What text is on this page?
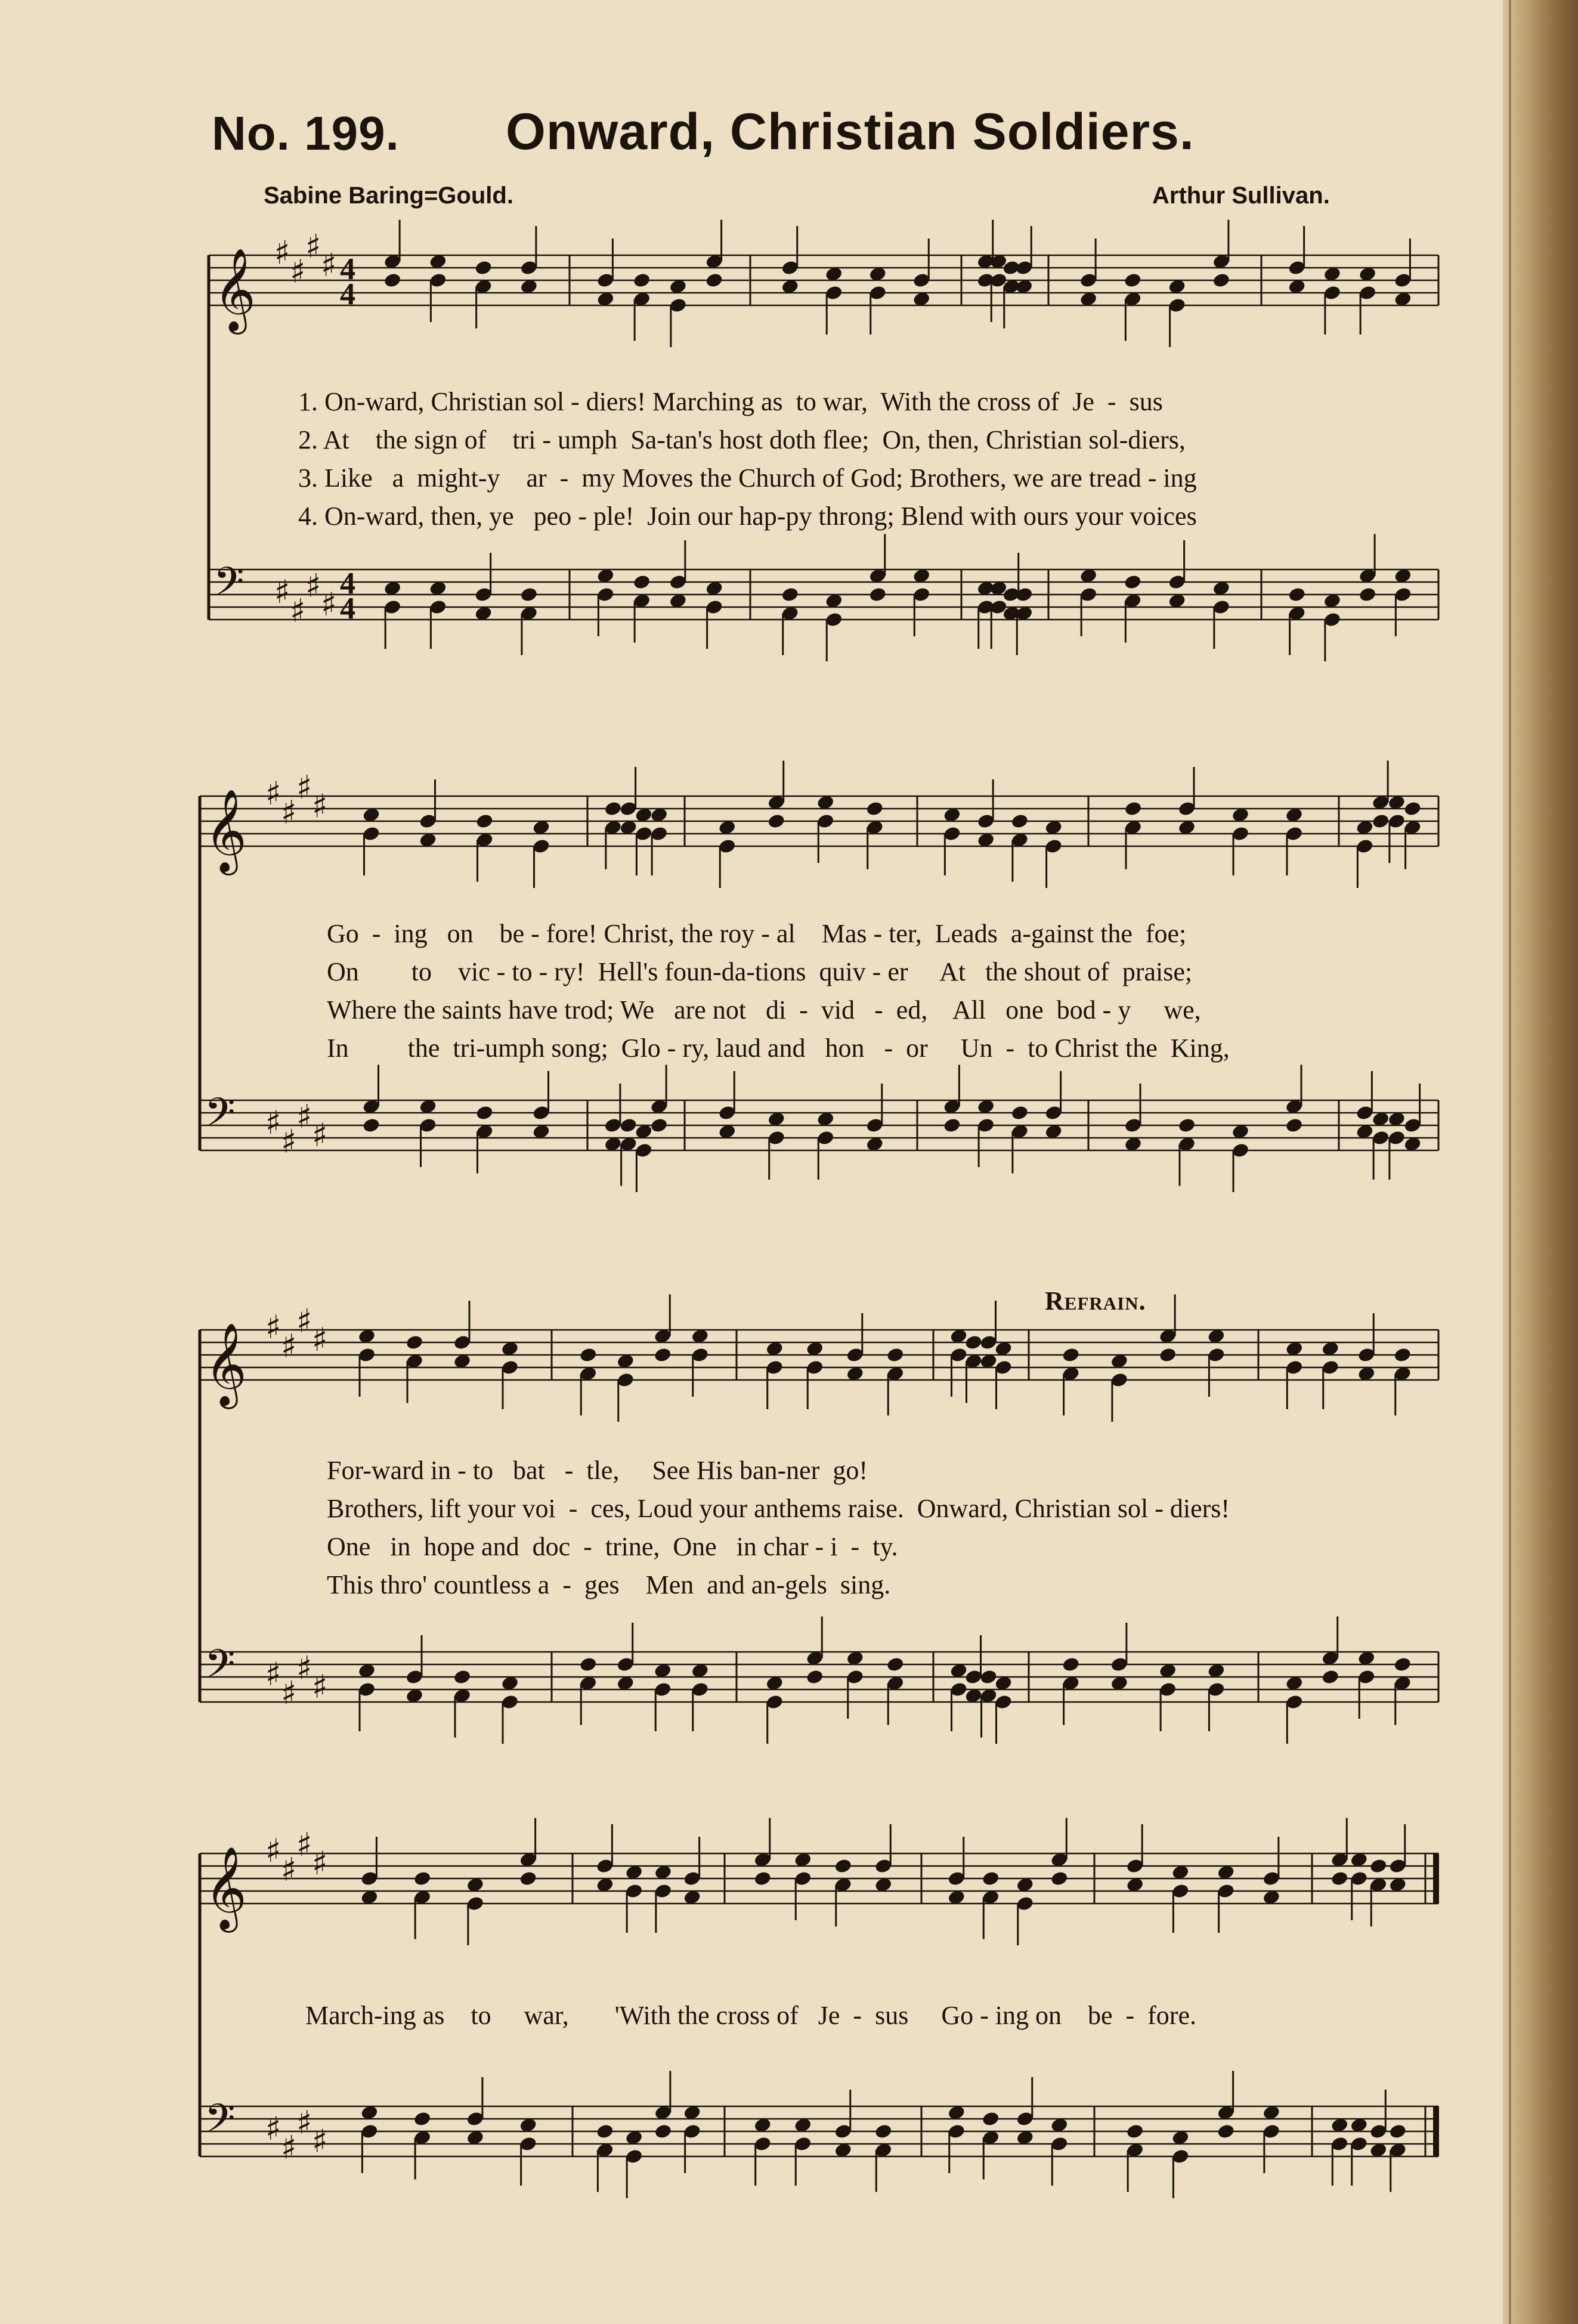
No. 199. Onward, Christian Soldiers.
Sabine Baring=Gould.	Arthur Sullivan.
Refrain.
𝄞 ♯ ♯
♯ ♯ 4
4
𝄢 ♯ ♯
♯ ♯
4
4
𝄞 ♯ ♯
♯ ♯
𝄢 ♯ ♯
♯ ♯
𝄞 ♯ ♯
♯ ♯
𝄢 ♯ ♯
♯ ♯
𝄞 ♯ ♯
♯ ♯
𝄢 ♯ ♯
♯ ♯
1. On-ward, Christian sol - diers! Marching as  to war,  With the cross of  Je  -  sus
2. At    the sign of    tri - umph  Sa-tan's host doth flee;  On, then, Christian sol-diers,
3. Like   a  might-y    ar  -  my Moves the Church of God; Brothers, we are tread - ing
4. On-ward, then, ye   peo - ple!  Join our hap-py throng; Blend with ours your voices
Go  -  ing   on    be - fore! Christ, the roy - al    Mas - ter,  Leads  a-gainst the  foe;
On        to    vic - to - ry!  Hell's foun-da-tions  quiv - er     At   the shout of  praise;
Where the saints have trod; We   are not   di  -  vid   -  ed,    All   one  bod - y     we,
In         the  tri-umph song;  Glo - ry, laud and   hon   -  or     Un  -  to Christ the  King,
For-ward in - to   bat   -  tle,     See His ban-ner  go!
Brothers, lift your voi  -  ces, Loud your anthems raise.  Onward, Christian sol - diers!
One   in  hope and  doc  -  trine,  One   in char - i  -  ty.
This thro' countless a  -  ges    Men  and an-gels  sing.
March-ing as    to     war,       'With the cross of   Je  -  sus     Go - ing on    be  -  fore.
